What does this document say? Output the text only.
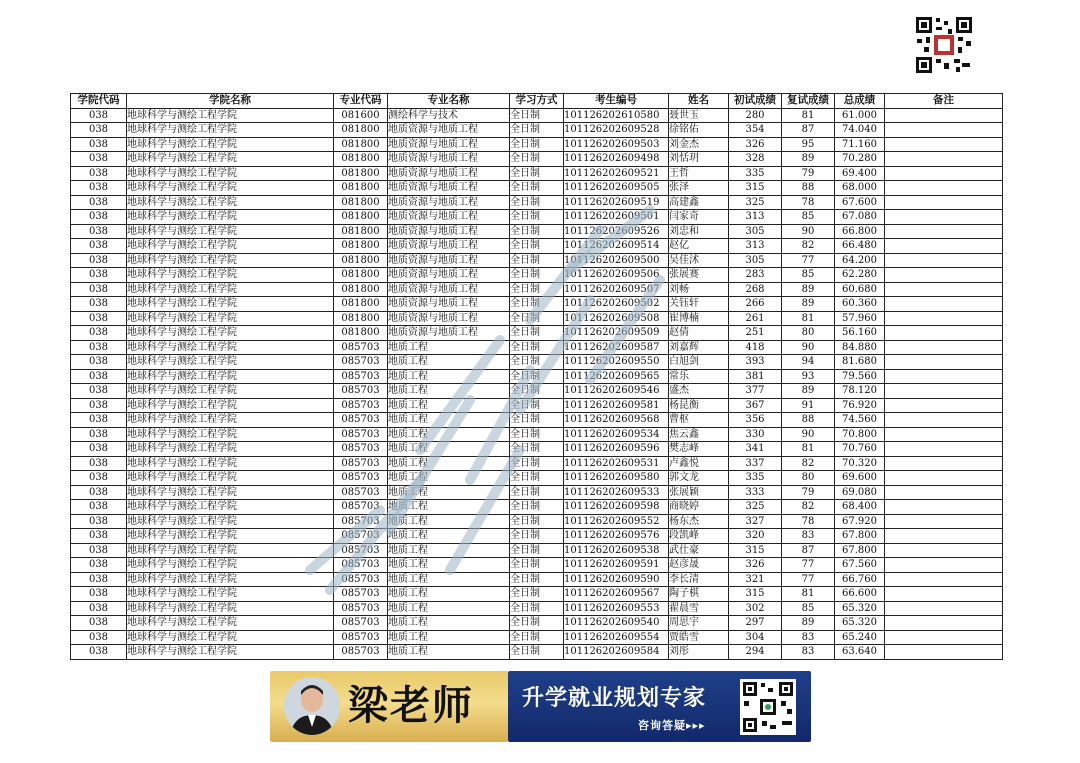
学院代码	学院名称	专业代码	专业名称	学习方式	考生编号	姓名	初试成绩	复试成绩	总成绩	备注
038	地球科学与测绘工程学院	081600	测绘科学与技术	全日制	101126202610580	聂世玉	280	81	61.000	
038	地球科学与测绘工程学院	081800	地质资源与地质工程	全日制	101126202609528	徐铭佑	354	87	74.040	
038	地球科学与测绘工程学院	081800	地质资源与地质工程	全日制	101126202609503	刘金杰	326	95	71.160	
038	地球科学与测绘工程学院	081800	地质资源与地质工程	全日制	101126202609498	刘恬玥	328	89	70.280	
038	地球科学与测绘工程学院	081800	地质资源与地质工程	全日制	101126202609521	王哲	335	79	69.400	
038	地球科学与测绘工程学院	081800	地质资源与地质工程	全日制	101126202609505	张泽	315	88	68.000	
038	地球科学与测绘工程学院	081800	地质资源与地质工程	全日制	101126202609519	高建鑫	325	78	67.600	
038	地球科学与测绘工程学院	081800	地质资源与地质工程	全日制	101126202609501	闫家奇	313	85	67.080	
038	地球科学与测绘工程学院	081800	地质资源与地质工程	全日制	101126202609526	刘忠和	305	90	66.800	
038	地球科学与测绘工程学院	081800	地质资源与地质工程	全日制	101126202609514	赵亿	313	82	66.480	
038	地球科学与测绘工程学院	081800	地质资源与地质工程	全日制	101126202609500	吴佳沭	305	77	64.200	
038	地球科学与测绘工程学院	081800	地质资源与地质工程	全日制	101126202609506	张展赛	283	85	62.280	
038	地球科学与测绘工程学院	081800	地质资源与地质工程	全日制	101126202609507	刘畅	268	89	60.680	
038	地球科学与测绘工程学院	081800	地质资源与地质工程	全日制	101126202609502	关钰轩	266	89	60.360	
038	地球科学与测绘工程学院	081800	地质资源与地质工程	全日制	101126202609508	崔博楠	261	81	57.960	
038	地球科学与测绘工程学院	081800	地质资源与地质工程	全日制	101126202609509	赵倩	251	80	56.160	
038	地球科学与测绘工程学院	085703	地质工程	全日制	101126202609587	刘嘉辉	418	90	84.880	
038	地球科学与测绘工程学院	085703	地质工程	全日制	101126202609550	白旭剑	393	94	81.680	
038	地球科学与测绘工程学院	085703	地质工程	全日制	101126202609565	常乐	381	93	79.560	
038	地球科学与测绘工程学院	085703	地质工程	全日制	101126202609546	盛杰	377	89	78.120	
038	地球科学与测绘工程学院	085703	地质工程	全日制	101126202609581	杨昆衡	367	91	76.920	
038	地球科学与测绘工程学院	085703	地质工程	全日制	101126202609568	曹枢	356	88	74.560	
038	地球科学与测绘工程学院	085703	地质工程	全日制	101126202609534	焦云鑫	330	90	70.800	
038	地球科学与测绘工程学院	085703	地质工程	全日制	101126202609596	樊志峰	341	81	70.760	
038	地球科学与测绘工程学院	085703	地质工程	全日制	101126202609531	卢鑫悦	337	82	70.320	
038	地球科学与测绘工程学院	085703	地质工程	全日制	101126202609580	郭文龙	335	80	69.600	
038	地球科学与测绘工程学院	085703	地质工程	全日制	101126202609533	张展颖	333	79	69.080	
038	地球科学与测绘工程学院	085703	地质工程	全日制	101126202609598	商晓婷	325	82	68.400	
038	地球科学与测绘工程学院	085703	地质工程	全日制	101126202609552	杨东杰	327	78	67.920	
038	地球科学与测绘工程学院	085703	地质工程	全日制	101126202609576	段凯峰	320	83	67.800	
038	地球科学与测绘工程学院	085703	地质工程	全日制	101126202609538	武仕豪	315	87	67.800	
038	地球科学与测绘工程学院	085703	地质工程	全日制	101126202609591	赵彦晟	326	77	67.560	
038	地球科学与测绘工程学院	085703	地质工程	全日制	101126202609590	李长清	321	77	66.760	
038	地球科学与测绘工程学院	085703	地质工程	全日制	101126202609567	陶子棋	315	81	66.600	
038	地球科学与测绘工程学院	085703	地质工程	全日制	101126202609553	翟晨雪	302	85	65.320	
038	地球科学与测绘工程学院	085703	地质工程	全日制	101126202609540	周思宇	297	89	65.320	
038	地球科学与测绘工程学院	085703	地质工程	全日制	101126202609554	贾皓雪	304	83	65.240	
038	地球科学与测绘工程学院	085703	地质工程	全日制	101126202609584	刘彤	294	83	63.640	
梁老师 升学就业规划专家
咨询答疑▸▸▸
